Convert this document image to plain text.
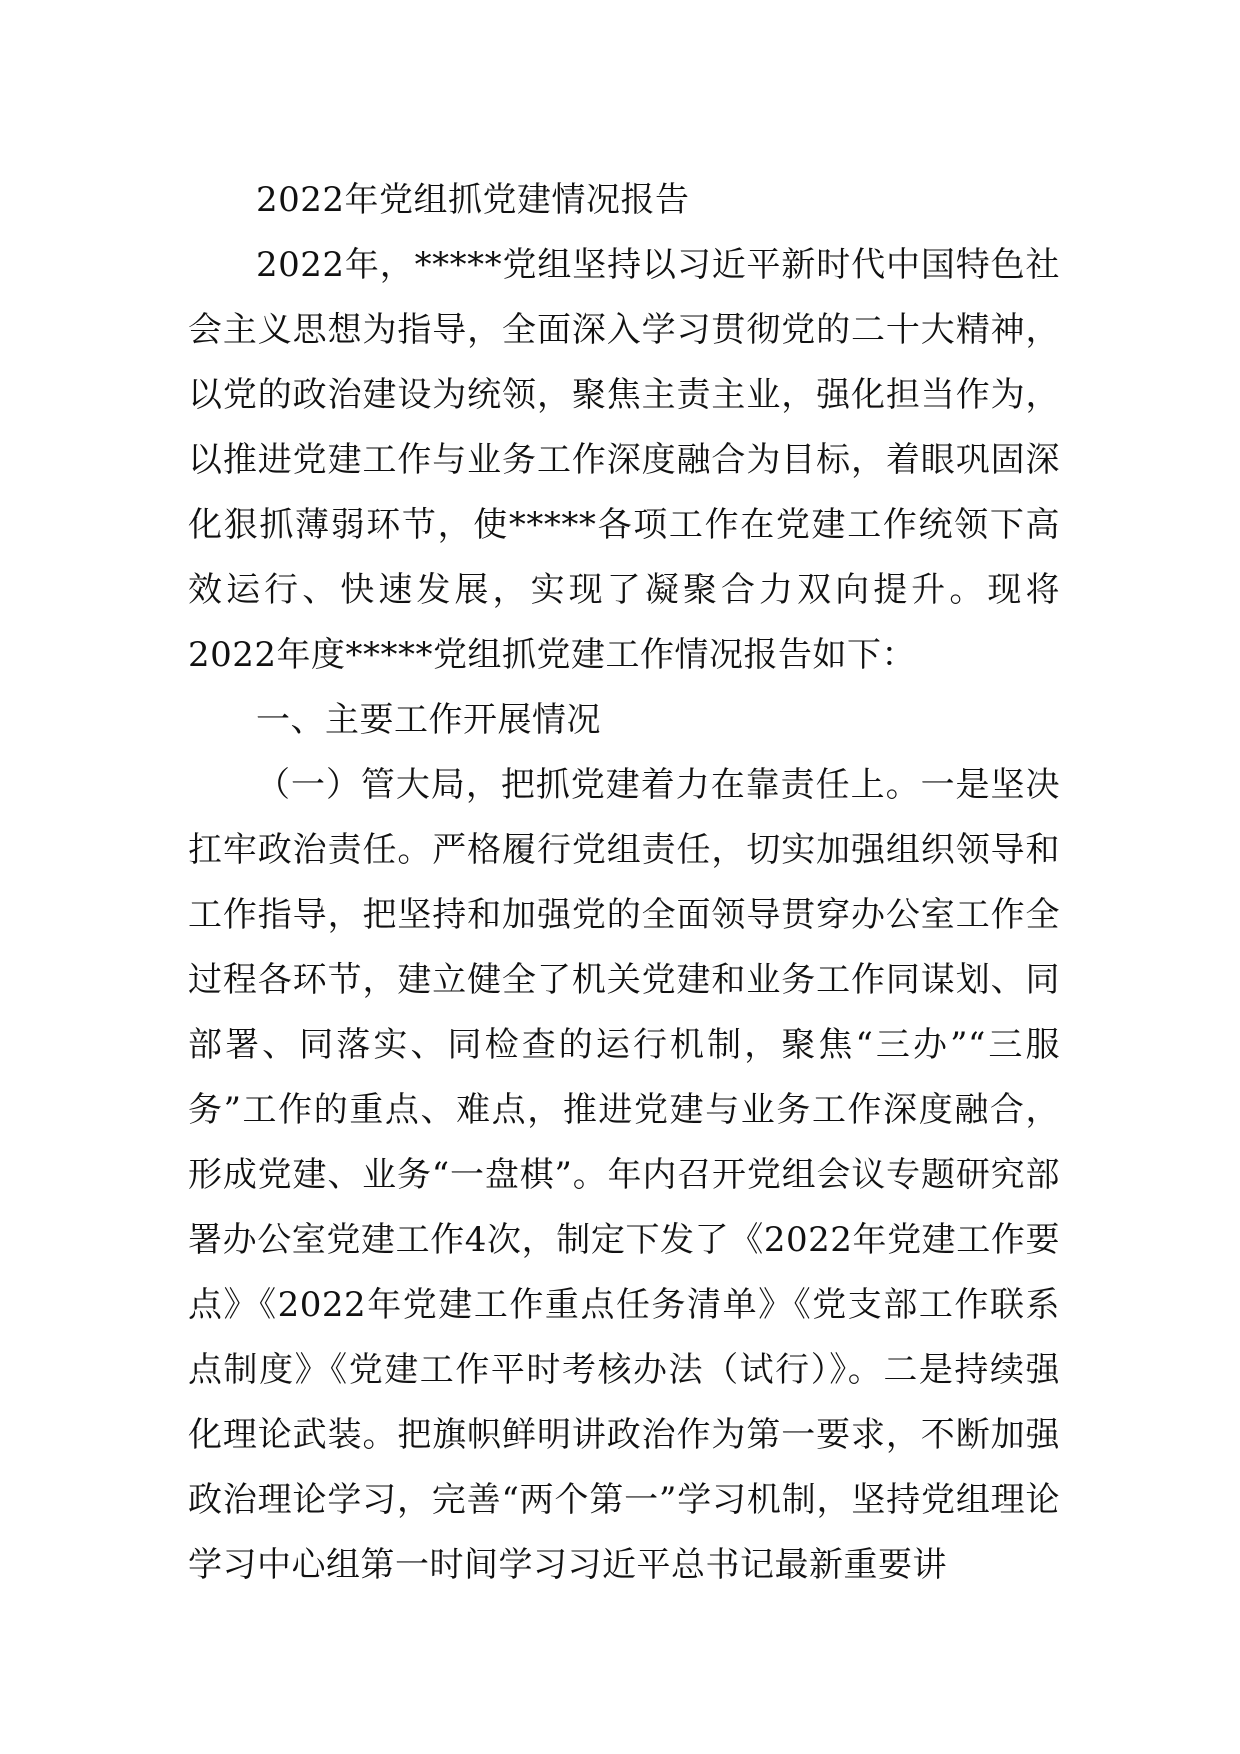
2022年党组抓党建情况报告

2022年，*****党组坚持以习近平新时代中国特色社会主义思想为指导，全面深入学习贯彻党的二十大精神，以党的政治建设为统领，聚焦主责主业，强化担当作为，以推进党建工作与业务工作深度融合为目标，着眼巩固深化狠抓薄弱环节，使*****各项工作在党建工作统领下高效运行、快速发展，实现了凝聚合力双向提升。现将2022年度*****党组抓党建工作情况报告如下：

一、主要工作开展情况

（一）管大局，把抓党建着力在靠责任上。一是坚决扛牢政治责任。严格履行党组责任，切实加强组织领导和工作指导，把坚持和加强党的全面领导贯穿办公室工作全过程各环节，建立健全了机关党建和业务工作同谋划、同部署、同落实、同检查的运行机制，聚焦“三办”“三服务”工作的重点、难点，推进党建与业务工作深度融合，形成党建、业务“一盘棋”。年内召开党组会议专题研究部署办公室党建工作4次，制定下发了《2022年党建工作要点》《2022年党建工作重点任务清单》《党支部工作联系点制度》《党建工作平时考核办法（试行）》。二是持续强化理论武装。把旗帜鲜明讲政治作为第一要求，不断加强政治理论学习，完善“两个第一”学习机制，坚持党组理论学习中心组第一时间学习习近平总书记最新重要讲
